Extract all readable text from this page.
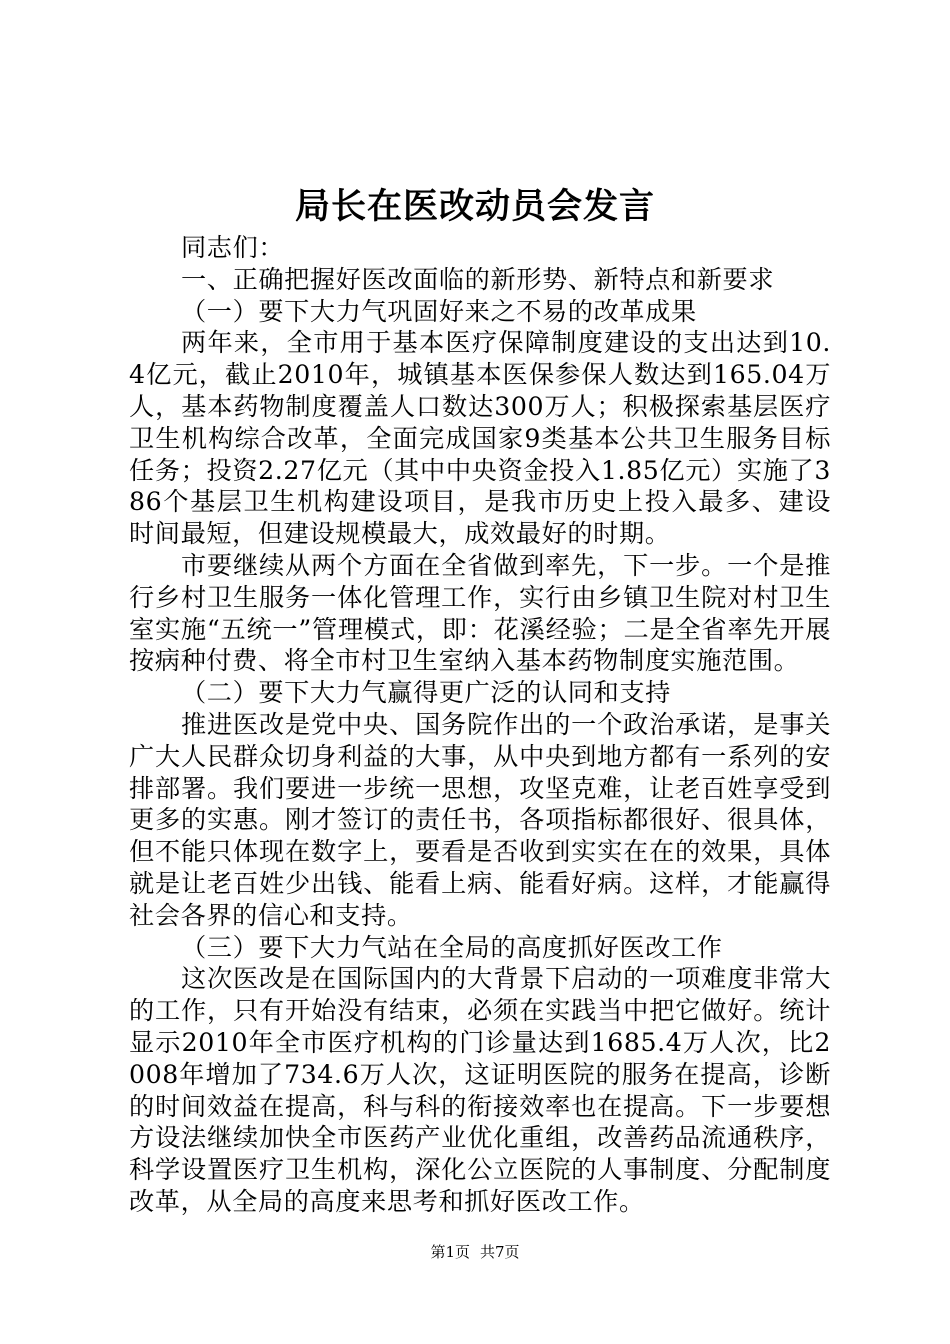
局长在医改动员会发言

同志们：

一、正确把握好医改面临的新形势、新特点和新要求

（一）要下大力气巩固好来之不易的改革成果

两年来，全市用于基本医疗保障制度建设的支出达到10.4亿元，截止2010年，城镇基本医保参保人数达到165.04万人，基本药物制度覆盖人口数达300万人；积极探索基层医疗卫生机构综合改革，全面完成国家9类基本公共卫生服务目标任务；投资2.27亿元（其中中央资金投入1.85亿元）实施了386个基层卫生机构建设项目，是我市历史上投入最多、建设时间最短，但建设规模最大，成效最好的时期。

市要继续从两个方面在全省做到率先，下一步。一个是推行乡村卫生服务一体化管理工作，实行由乡镇卫生院对村卫生室实施“五统一”管理模式，即：花溪经验；二是全省率先开展按病种付费、将全市村卫生室纳入基本药物制度实施范围。

（二）要下大力气赢得更广泛的认同和支持

推进医改是党中央、国务院作出的一个政治承诺，是事关广大人民群众切身利益的大事，从中央到地方都有一系列的安排部署。我们要进一步统一思想，攻坚克难，让老百姓享受到更多的实惠。刚才签订的责任书，各项指标都很好、很具体，但不能只体现在数字上，要看是否收到实实在在的效果，具体就是让老百姓少出钱、能看上病、能看好病。这样，才能赢得社会各界的信心和支持。

（三）要下大力气站在全局的高度抓好医改工作

这次医改是在国际国内的大背景下启动的一项难度非常大的工作，只有开始没有结束，必须在实践当中把它做好。统计显示2010年全市医疗机构的门诊量达到1685.4万人次，比2008年增加了734.6万人次，这证明医院的服务在提高，诊断的时间效益在提高，科与科的衔接效率也在提高。下一步要想方设法继续加快全市医药产业优化重组，改善药品流通秩序，科学设置医疗卫生机构，深化公立医院的人事制度、分配制度改革，从全局的高度来思考和抓好医改工作。

第1页 共7页
